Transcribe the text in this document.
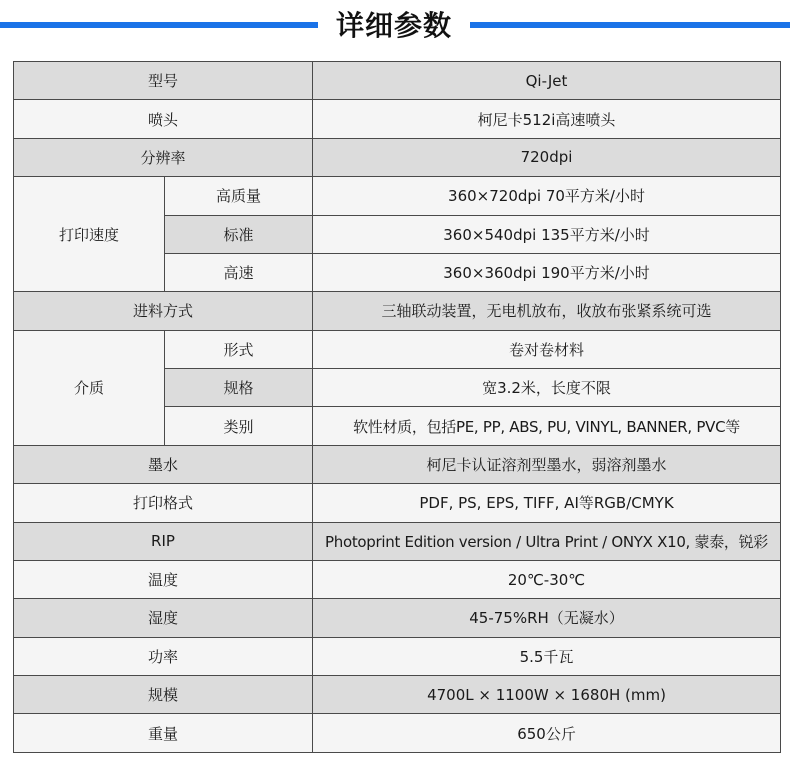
详细参数
型号		Qi-Jet
喷头		柯尼卡512i高速喷头
分辨率		720dpi
打印速度	高质量	360×720dpi 70平方米/小时
	标准	360×540dpi 135平方米/小时
	高速	360×360dpi 190平方米/小时
进料方式		三轴联动装置，无电机放布，收放布张紧系统可选
介质	形式	卷对卷材料
	规格	宽3.2米，长度不限
	类别	软性材质，包括PE, PP, ABS, PU, VINYL, BANNER, PVC等
墨水		柯尼卡认证溶剂型墨水，弱溶剂墨水
打印格式		PDF, PS, EPS, TIFF, AI等RGB/CMYK
RIP		Photoprint Edition version / Ultra Print / ONYX X10, 蒙泰，锐彩
温度		20℃-30℃
湿度		45-75%RH（无凝水）
功率		5.5千瓦
规模		4700L × 1100W × 1680H (mm)
重量		650公斤
